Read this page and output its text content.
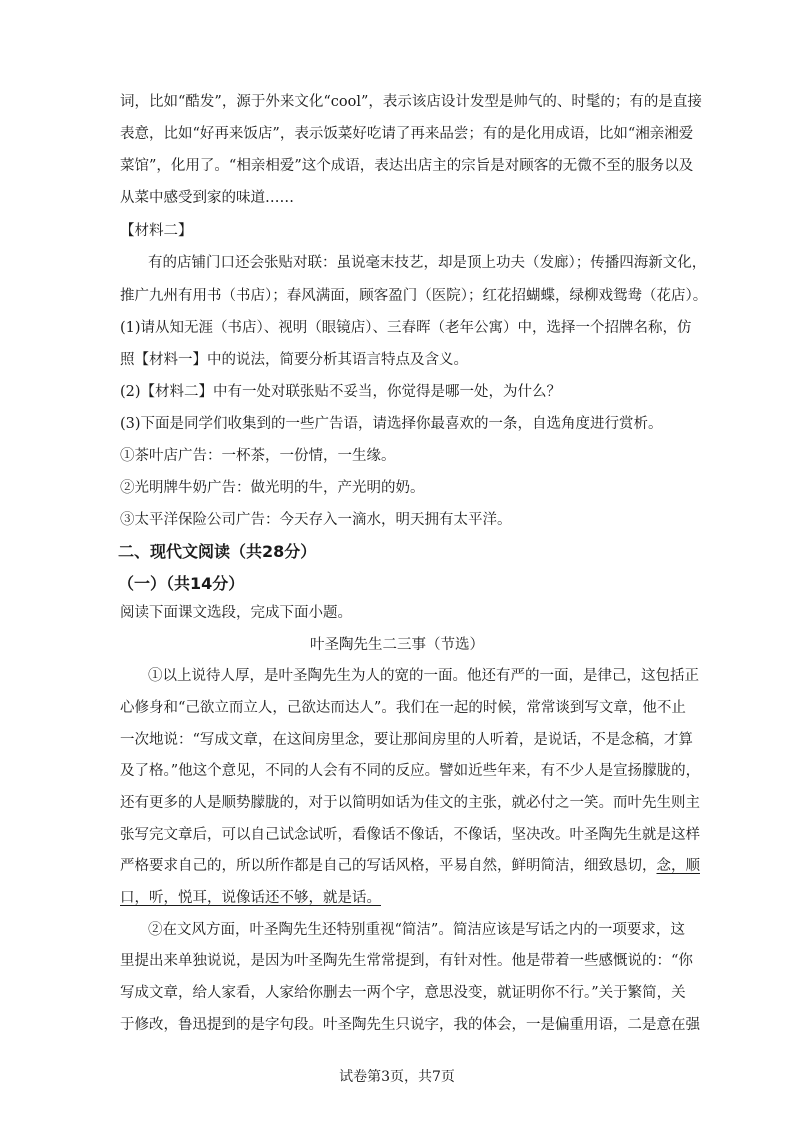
词，比如“酷发”，源于外来文化“cool”，表示该店设计发型是帅气的、时髦的；有的是直接
表意，比如“好再来饭店”，表示饭菜好吃请了再来品尝；有的是化用成语，比如“湘亲湘爱
菜馆”，化用了。“相亲相爱”这个成语，表达出店主的宗旨是对顾客的无微不至的服务以及
从菜中感受到家的味道……
【材料二】
有的店铺门口还会张贴对联：虽说毫末技艺，却是顶上功夫（发廊）；传播四海新文化，
推广九州有用书（书店）；春风满面，顾客盈门（医院）；红花招蝴蝶，绿柳戏鸳鸯（花店）。
(1)请从知无涯（书店）、视明（眼镜店）、三春晖（老年公寓）中，选择一个招牌名称，仿
照【材料一】中的说法，简要分析其语言特点及含义。
(2)【材料二】中有一处对联张贴不妥当，你觉得是哪一处，为什么？
(3)下面是同学们收集到的一些广告语，请选择你最喜欢的一条，自选角度进行赏析。
①茶叶店广告：一杯茶，一份情，一生缘。
②光明牌牛奶广告：做光明的牛，产光明的奶。
③太平洋保险公司广告：今天存入一滴水，明天拥有太平洋。
二、现代文阅读（共28分）
（一）（共14分）
阅读下面课文选段，完成下面小题。
叶圣陶先生二三事（节选）
①以上说待人厚，是叶圣陶先生为人的宽的一面。他还有严的一面，是律己，这包括正
心修身和“己欲立而立人，己欲达而达人”。我们在一起的时候，常常谈到写文章，他不止
一次地说：“写成文章，在这间房里念，要让那间房里的人听着，是说话，不是念稿，才算
及了格。”他这个意见，不同的人会有不同的反应。譬如近些年来，有不少人是宣扬朦胧的，
还有更多的人是顺势朦胧的，对于以简明如话为佳文的主张，就必付之一笑。而叶先生则主
张写完文章后，可以自己试念试听，看像话不像话，不像话，坚决改。叶圣陶先生就是这样
严格要求自己的，所以所作都是自己的写话风格，平易自然，鲜明简洁，细致恳切，念，顺
口，听，悦耳，说像话还不够，就是话。
②在文风方面，叶圣陶先生还特别重视“简洁”。简洁应该是写话之内的一项要求，这
里提出来单独说说，是因为叶圣陶先生常常提到，有针对性。他是带着一些感慨说的：“你
写成文章，给人家看，人家给你删去一两个字，意思没变，就证明你不行。”关于繁简，关
于修改，鲁迅提到的是字句段。叶圣陶先生只说字，我的体会，一是偏重用语，二是意在强
试卷第3页，共7页
